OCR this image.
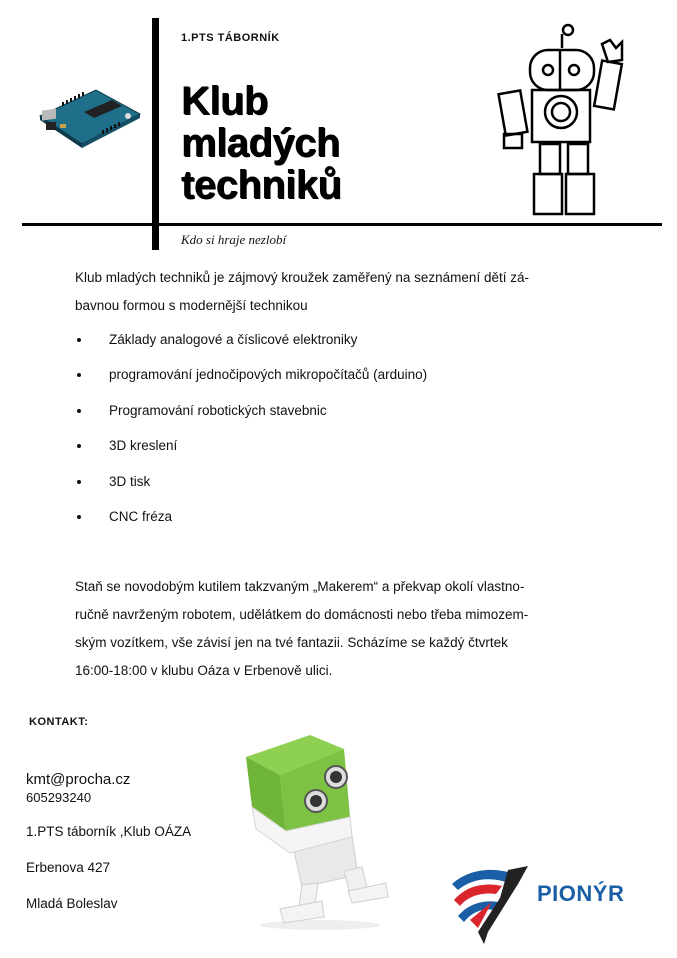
1.PTS TÁBORNÍK
Klub
mladých
techniků
Kdo si hraje nezlobí
Klub mladých techniků je zájmový kroužek zaměřený na seznámení dětí zá-
bavnou formou s modernější technikou
Základy analogové a číslicové elektroniky
programování jednočipových mikropočítačů (arduino)
Programování robotických stavebnic
3D kreslení
3D tisk
CNC fréza
Staň se novodobým kutilem takzvaným „Makerem“ a překvap okolí vlastno-
ručně navrženým robotem, udělátkem do domácnosti nebo třeba mimozem-
ským vozítkem, vše závisí jen na tvé fantazii. Scházíme se každý čtvrtek
16:00-18:00 v klubu Oáza v Erbenově ulici.
KONTAKT:
kmt@procha.cz
605293240
1.PTS táborník ,Klub OÁZA
Erbenova 427
Mladá Boleslav	PIONÝR
